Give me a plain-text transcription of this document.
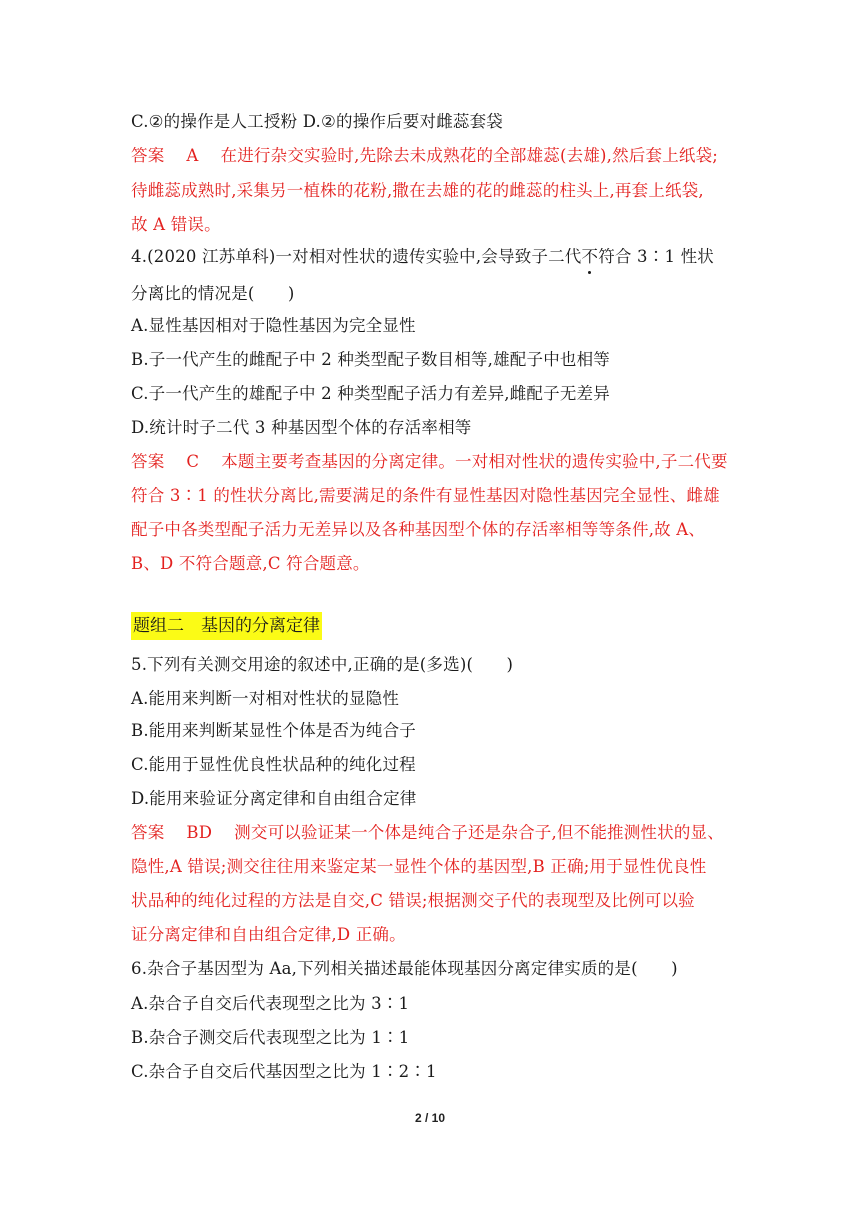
C.②的操作是人工授粉 D.②的操作后要对雌蕊套袋
答案 A 在进行杂交实验时,先除去未成熟花的全部雄蕊(去雄),然后套上纸袋;
待雌蕊成熟时,采集另一植株的花粉,撒在去雄的花的雌蕊的柱头上,再套上纸袋,
故 A 错误。
4.(2020 江苏单科)一对相对性状的遗传实验中,会导致子二代不符合 3∶1 性状
分离比的情况是(　　)
A.显性基因相对于隐性基因为完全显性
B.子一代产生的雌配子中 2 种类型配子数目相等,雄配子中也相等
C.子一代产生的雄配子中 2 种类型配子活力有差异,雌配子无差异
D.统计时子二代 3 种基因型个体的存活率相等
答案 C 本题主要考查基因的分离定律。一对相对性状的遗传实验中,子二代要
符合 3∶1 的性状分离比,需要满足的条件有显性基因对隐性基因完全显性、雌雄
配子中各类型配子活力无差异以及各种基因型个体的存活率相等等条件,故 A、
B、D 不符合题意,C 符合题意。
题组二　基因的分离定律
5.下列有关测交用途的叙述中,正确的是(多选)(　　)
A.能用来判断一对相对性状的显隐性
B.能用来判断某显性个体是否为纯合子
C.能用于显性优良性状品种的纯化过程
D.能用来验证分离定律和自由组合定律
答案 BD 测交可以验证某一个体是纯合子还是杂合子,但不能推测性状的显、
隐性,A 错误;测交往往用来鉴定某一显性个体的基因型,B 正确;用于显性优良性
状品种的纯化过程的方法是自交,C 错误;根据测交子代的表现型及比例可以验
证分离定律和自由组合定律,D 正确。
6.杂合子基因型为 Aa,下列相关描述最能体现基因分离定律实质的是(　　)
A.杂合子自交后代表现型之比为 3∶1
B.杂合子测交后代表现型之比为 1∶1
C.杂合子自交后代基因型之比为 1∶2∶1
2 / 10
